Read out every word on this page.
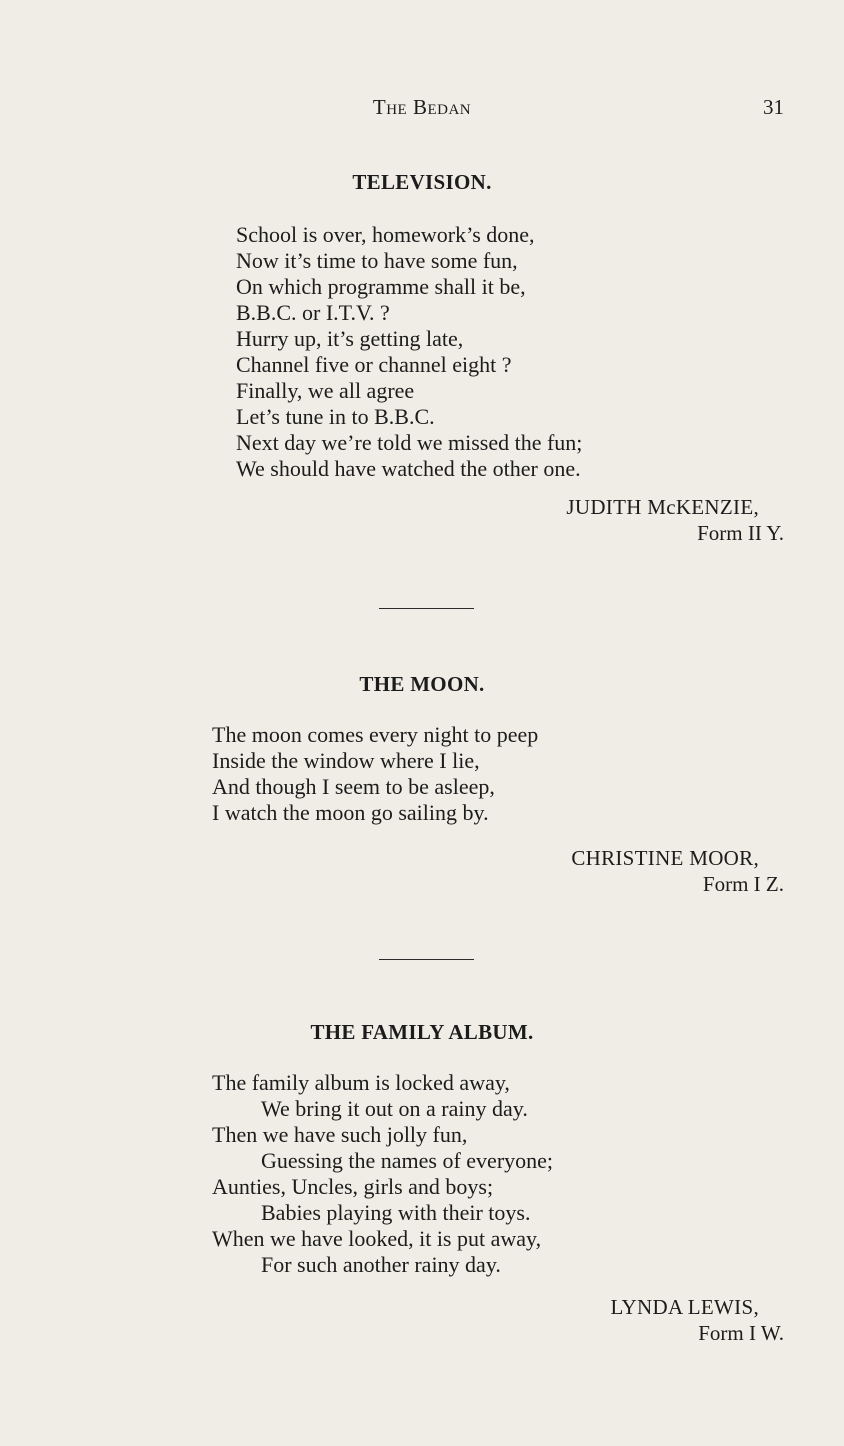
The Bedan	31
TELEVISION.
School is over, homework’s done,
Now it’s time to have some fun,
On which programme shall it be,
B.B.C. or I.T.V. ?
Hurry up, it’s getting late,
Channel five or channel eight ?
Finally, we all agree
Let’s tune in to B.B.C.
Next day we’re told we missed the fun;
We should have watched the other one.
JUDITH McKENZIE,
Form II Y.
THE MOON.
The moon comes every night to peep
Inside the window where I lie,
And though I seem to be asleep,
I watch the moon go sailing by.
CHRISTINE MOOR,
Form I Z.
THE FAMILY ALBUM.
The family album is locked away,
We bring it out on a rainy day.
Then we have such jolly fun,
Guessing the names of everyone;
Aunties, Uncles, girls and boys;
Babies playing with their toys.
When we have looked, it is put away,
For such another rainy day.
LYNDA LEWIS,
Form I W.
